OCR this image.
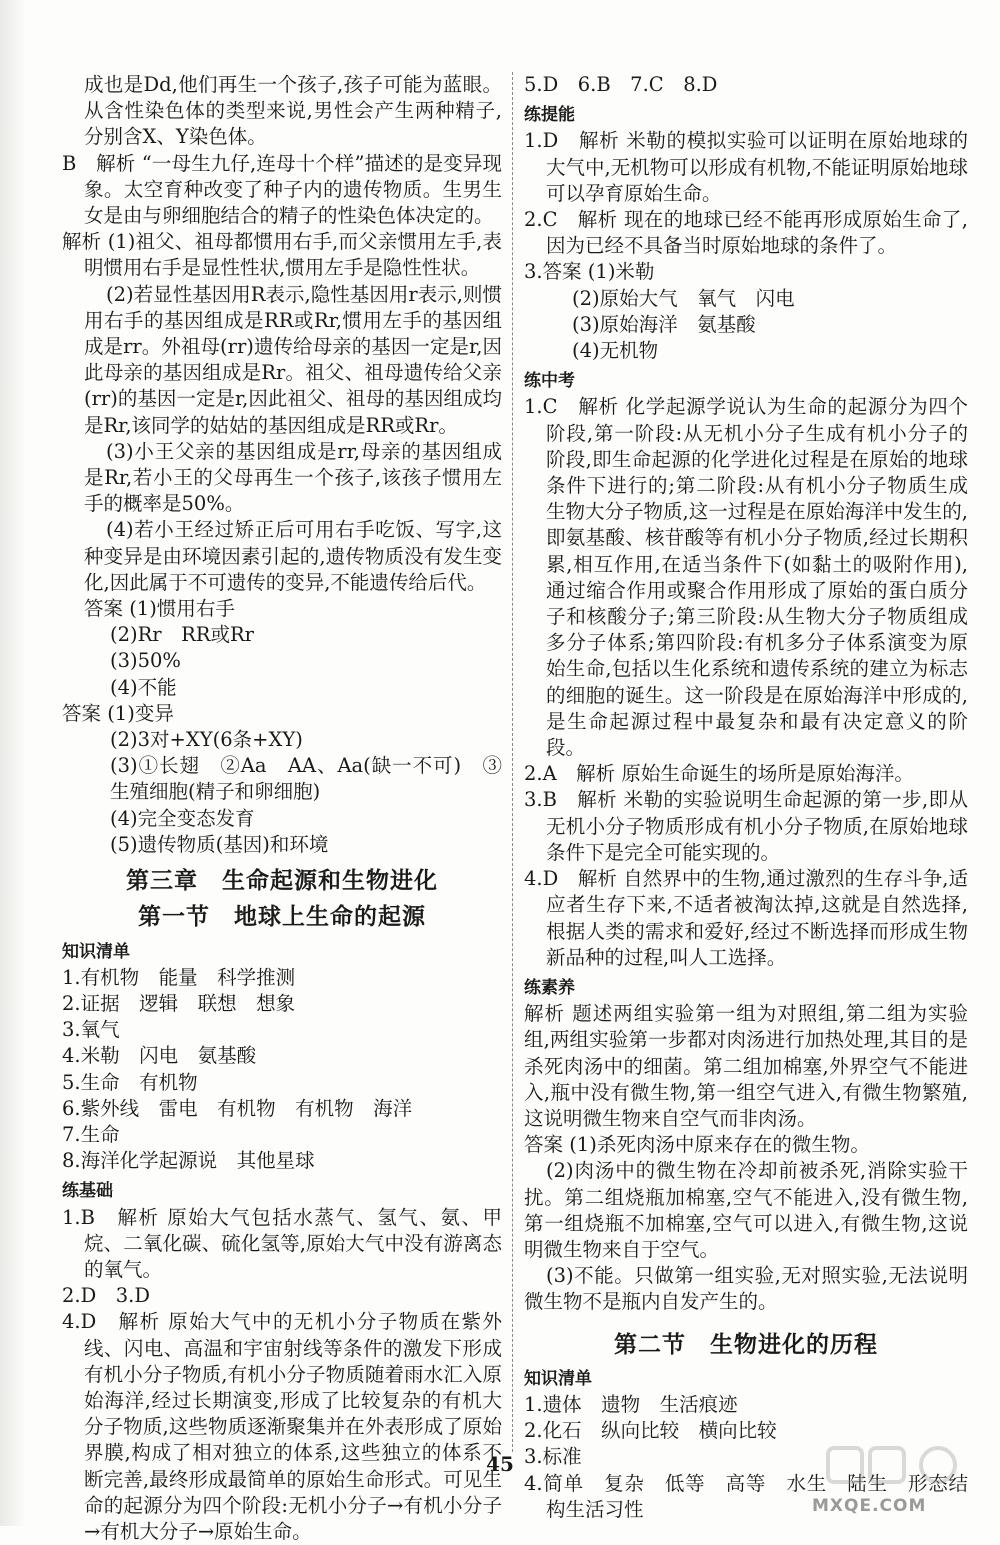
成也是Dd,他们再生一个孩子,孩子可能为蓝眼。从含性染色体的类型来说,男性会产生两种精子,分别含X、Y染色体。

B　解析 “一母生九仔,连母十个样”描述的是变异现象。太空育种改变了种子内的遗传物质。生男生女是由与卵细胞结合的精子的性染色体决定的。

解析 (1)祖父、祖母都惯用右手,而父亲惯用左手,表明惯用右手是显性性状,惯用左手是隐性性状。

(2)若显性基因用R表示,隐性基因用r表示,则惯用右手的基因组成是RR或Rr,惯用左手的基因组成是rr。外祖母(rr)遗传给母亲的基因一定是r,因此母亲的基因组成是Rr。祖父、祖母遗传给父亲(rr)的基因一定是r,因此祖父、祖母的基因组成均是Rr,该同学的姑姑的基因组成是RR或Rr。

(3)小王父亲的基因组成是rr,母亲的基因组成是Rr,若小王的父母再生一个孩子,该孩子惯用左手的概率是50%。

(4)若小王经过矫正后可用右手吃饭、写字,这种变异是由环境因素引起的,遗传物质没有发生变化,因此属于不可遗传的变异,不能遗传给后代。

答案 (1)惯用右手

(2)Rr　RR或Rr

(3)50%

(4)不能

答案 (1)变异

(2)3对+XY(6条+XY)

(3)①长翅　②Aa　AA、Aa(缺一不可)　③生殖细胞(精子和卵细胞)

(4)完全变态发育

(5)遗传物质(基因)和环境

第三章　生命起源和生物进化
第一节　地球上生命的起源
知识清单

1.有机物　能量　科学推测

2.证据　逻辑　联想　想象

3.氧气

4.米勒　闪电　氨基酸

5.生命　有机物

6.紫外线　雷电　有机物　有机物　海洋

7.生命

8.海洋化学起源说　其他星球

练基础

1.B　解析 原始大气包括水蒸气、氢气、氨、甲烷、二氧化碳、硫化氢等,原始大气中没有游离态的氧气。

2.D　3.D

4.D　解析 原始大气中的无机小分子物质在紫外线、闪电、高温和宇宙射线等条件的激发下形成有机小分子物质,有机小分子物质随着雨水汇入原始海洋,经过长期演变,形成了比较复杂的有机大分子物质,这些物质逐渐聚集并在外表形成了原始界膜,构成了相对独立的体系,这些独立的体系不断完善,最终形成最简单的原始生命形式。可见生命的起源分为四个阶段:无机小分子→有机小分子→有机大分子→原始生命。

5.D　6.B　7.C　8.D

练提能

1.D　解析 米勒的模拟实验可以证明在原始地球的大气中,无机物可以形成有机物,不能证明原始地球可以孕育原始生命。

2.C　解析 现在的地球已经不能再形成原始生命了,因为已经不具备当时原始地球的条件了。

3.答案 (1)米勒

(2)原始大气　氧气　闪电

(3)原始海洋　氨基酸

(4)无机物

练中考

1.C　解析 化学起源学说认为生命的起源分为四个阶段,第一阶段:从无机小分子生成有机小分子的阶段,即生命起源的化学进化过程是在原始的地球条件下进行的;第二阶段:从有机小分子物质生成生物大分子物质,这一过程是在原始海洋中发生的,即氨基酸、核苷酸等有机小分子物质,经过长期积累,相互作用,在适当条件下(如黏土的吸附作用),通过缩合作用或聚合作用形成了原始的蛋白质分子和核酸分子;第三阶段:从生物大分子物质组成多分子体系;第四阶段:有机多分子体系演变为原始生命,包括以生化系统和遗传系统的建立为标志的细胞的诞生。这一阶段是在原始海洋中形成的,是生命起源过程中最复杂和最有决定意义的阶段。

2.A　解析 原始生命诞生的场所是原始海洋。

3.B　解析 米勒的实验说明生命起源的第一步,即从无机小分子物质形成有机小分子物质,在原始地球条件下是完全可能实现的。

4.D　解析 自然界中的生物,通过激烈的生存斗争,适应者生存下来,不适者被淘汰掉,这就是自然选择,根据人类的需求和爱好,经过不断选择而形成生物新品种的过程,叫人工选择。

练素养

解析 题述两组实验第一组为对照组,第二组为实验组,两组实验第一步都对肉汤进行加热处理,其目的是杀死肉汤中的细菌。第二组加棉塞,外界空气不能进入,瓶中没有微生物,第一组空气进入,有微生物繁殖,这说明微生物来自空气而非肉汤。

答案 (1)杀死肉汤中原来存在的微生物。

(2)肉汤中的微生物在冷却前被杀死,消除实验干扰。第二组烧瓶加棉塞,空气不能进入,没有微生物,第一组烧瓶不加棉塞,空气可以进入,有微生物,这说明微生物来自于空气。

(3)不能。只做第一组实验,无对照实验,无法说明微生物不是瓶内自发产生的。

第二节　生物进化的历程
知识清单

1.遗体　遗物　生活痕迹

2.化石　纵向比较　横向比较

3.标准

4.简单　复杂　低等　高等　水生　陆生　形态结构生活习性

45
MXQE.COM
